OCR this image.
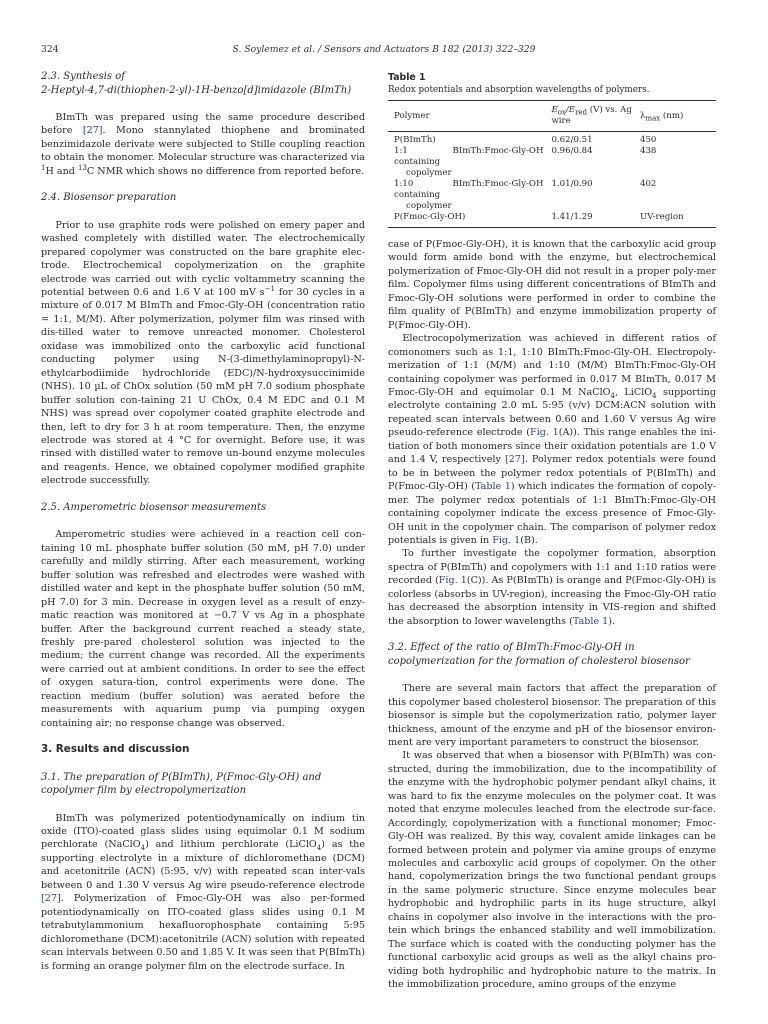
324	S. Soylemez et al. / Sensors and Actuators B 182 (2013) 322–329
2.3. Synthesis of
2-Heptyl-4,7-di(thiophen-2-yl)-1H-benzo[d]imidazole (BImTh)

BImTh was prepared using the same procedure described before [27]. Mono stannylated thiophene and brominated benzimidazole derivate were subjected to Stille coupling reaction to obtain the monomer. Molecular structure was characterized via $^1$H and $^{13}$C NMR which shows no difference from reported before.

2.4. Biosensor preparation

Prior to use graphite rods were polished on emery paper and washed completely with distilled water. The electrochemically prepared copolymer was constructed on the bare graphite elec-trode. Electrochemical copolymerization on the graphite electrode was carried out with cyclic voltammetry scanning the potential between 0.6 and 1.6 V at 100 mV $s^{-1}$ for 30 cycles in a mixture of 0.017 M BImTh and Fmoc-Gly-OH (concentration ratio = 1:1, M/M). After polymerization, polymer film was rinsed with dis-tilled water to remove unreacted monomer. Cholesterol oxidase was immobilized onto the carboxylic acid functional conducting polymer using N-(3-dimethylaminopropyl)-N-ethylcarbodiimide hydrochloride (EDC)/N-hydroxysuccinimide (NHS). 10 µL of ChOx solution (50 mM pH 7.0 sodium phosphate buffer solution con-taining 21 U ChOx, 0.4 M EDC and 0.1 M NHS) was spread over copolymer coated graphite electrode and then, left to dry for 3 h at room temperature. Then, the enzyme electrode was stored at 4 °C for overnight. Before use, it was rinsed with distilled water to remove un-bound enzyme molecules and reagents. Hence, we obtained copolymer modified graphite electrode successfully.

2.5. Amperometric biosensor measurements

Amperometric studies were achieved in a reaction cell con-taining 10 mL phosphate buffer solution (50 mM, pH 7.0) under carefully and mildly stirring. After each measurement, working buffer solution was refreshed and electrodes were washed with distilled water and kept in the phosphate buffer solution (50 mM, pH 7.0) for 3 min. Decrease in oxygen level as a result of enzy-matic reaction was monitored at −0.7 V vs Ag in a phosphate buffer. After the background current reached a steady state, freshly pre-pared cholesterol solution was injected to the medium; the current change was recorded. All the experiments were carried out at ambient conditions. In order to see the effect of oxygen satura-tion, control experiments were done. The reaction medium (buffer solution) was aerated before the measurements with aquarium pump via pumping oxygen containing air; no response change was observed.

3. Results and discussion
3.1. The preparation of P(BImTh), P(Fmoc-Gly-OH) and
copolymer film by electropolymerization

BImTh was polymerized potentiodynamically on indium tin oxide (ITO)-coated glass slides using equimolar 0.1 M sodium perchlorate (NaClO$_4$) and lithium perchlorate (LiClO$_4$) as the supporting electrolyte in a mixture of dichloromethane (DCM) and acetonitrile (ACN) (5:95, v/v) with repeated scan inter-vals between 0 and 1.30 V versus Ag wire pseudo-reference electrode [27]. Polymerization of Fmoc-Gly-OH was also per-formed potentiodynamically on ITO-coated glass slides using 0.1 M tetrabutylammonium hexafluorophosphate containing 5:95 dichloromethane (DCM):acetonitrile (ACN) solution with repeated scan intervals between 0.50 and 1.85 V. It was seen that P(BImTh) is forming an orange polymer film on the electrode surface. In

Table 1
Redox potentials and absorption wavelengths of polymers.
Polymer	$E_{ox}/E_{red}$ (V) vs. Ag wire	$\lambda_{max}$ (nm)
P(BImTh)	0.62/0.51	450
1:1 BImTh:Fmoc-Gly-OH containing
copolymer	0.96/0.84	438
1:10 BImTh:Fmoc-Gly-OH containing
copolymer	1.01/0.90	402
P(Fmoc-Gly-OH)	1.41/1.29	UV-region

case of P(Fmoc-Gly-OH), it is known that the carboxylic acid group would form amide bond with the enzyme, but electrochemical polymerization of Fmoc-Gly-OH did not result in a proper poly-mer film. Copolymer films using different concentrations of BImTh and Fmoc-Gly-OH solutions were performed in order to combine the film quality of P(BImTh) and enzyme immobilization property of P(Fmoc-Gly-OH).

Electrocopolymerization was achieved in different ratios of comonomers such as 1:1, 1:10 BImTh:Fmoc-Gly-OH. Electropoly-merization of 1:1 (M/M) and 1:10 (M/M) BImTh:Fmoc-Gly-OH containing copolymer was performed in 0.017 M BImTh, 0.017 M Fmoc-Gly-OH and equimolar 0.1 M NaClO$_4$, LiClO$_4$ supporting electrolyte containing 2.0 mL 5:95 (v/v) DCM:ACN solution with repeated scan intervals between 0.60 and 1.60 V versus Ag wire pseudo-reference electrode (Fig. 1(A)). This range enables the ini-tiation of both monomers since their oxidation potentials are 1.0 V and 1.4 V, respectively [27]. Polymer redox potentials were found to be in between the polymer redox potentials of P(BImTh) and P(Fmoc-Gly-OH) (Table 1) which indicates the formation of copoly-mer. The polymer redox potentials of 1:1 BImTh:Fmoc-Gly-OH containing copolymer indicate the excess presence of Fmoc-Gly-OH unit in the copolymer chain. The comparison of polymer redox potentials is given in Fig. 1(B).

To further investigate the copolymer formation, absorption spectra of P(BImTh) and copolymers with 1:1 and 1:10 ratios were recorded (Fig. 1(C)). As P(BImTh) is orange and P(Fmoc-Gly-OH) is colorless (absorbs in UV-region), increasing the Fmoc-Gly-OH ratio has decreased the absorption intensity in VIS-region and shifted the absorption to lower wavelengths (Table 1).

3.2. Effect of the ratio of BImTh:Fmoc-Gly-OH in
copolymerization for the formation of cholesterol biosensor

There are several main factors that affect the preparation of this copolymer based cholesterol biosensor. The preparation of this biosensor is simple but the copolymerization ratio, polymer layer thickness, amount of the enzyme and pH of the biosensor environ-ment are very important parameters to construct the biosensor.

It was observed that when a biosensor with P(BImTh) was con-structed, during the immobilization, due to the incompatibility of the enzyme with the hydrophobic polymer pendant alkyl chains, it was hard to fix the enzyme molecules on the polymer coat. It was noted that enzyme molecules leached from the electrode sur-face. Accordingly, copolymerization with a functional monomer; Fmoc-Gly-OH was realized. By this way, covalent amide linkages can be formed between protein and polymer via amine groups of enzyme molecules and carboxylic acid groups of copolymer. On the other hand, copolymerization brings the two functional pendant groups in the same polymeric structure. Since enzyme molecules bear hydrophobic and hydrophilic parts in its huge structure, alkyl chains in copolymer also involve in the interactions with the pro-tein which brings the enhanced stability and well immobilization. The surface which is coated with the conducting polymer has the functional carboxylic acid groups as well as the alkyl chains pro-viding both hydrophilic and hydrophobic nature to the matrix. In the immobilization procedure, amino groups of the enzyme
